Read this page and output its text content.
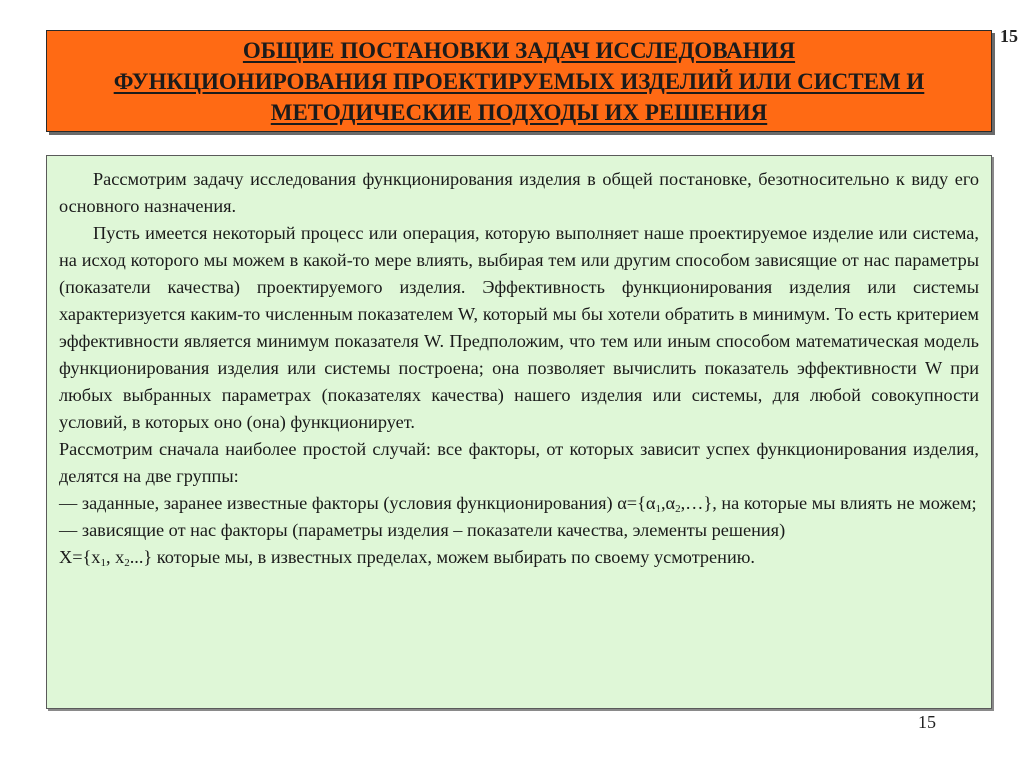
15

ОБЩИЕ ПОСТАНОВКИ ЗАДАЧ ИССЛЕДОВАНИЯ
ФУНКЦИОНИРОВАНИЯ ПРОЕКТИРУЕМЫХ ИЗДЕЛИЙ ИЛИ СИСТЕМ И
МЕТОДИЧЕСКИЕ ПОДХОДЫ ИХ РЕШЕНИЯ

Рассмотрим задачу исследования функционирования изделия в общей постановке, безотносительно к виду его основного назначения.

Пусть имеется некоторый процесс или операция, которую выполняет наше проектируемое изделие или система, на исход которого мы можем в какой-то мере влиять, выбирая тем или другим способом зависящие от нас параметры (показатели качества) проектируемого изделия. Эффективность функционирования изделия или системы характеризуется каким-то численным показателем W, который мы бы хотели обратить в минимум. То есть критерием эффективности является минимум показателя W. Предположим, что тем или иным способом математическая модель функционирования изделия или системы построена; она позволяет вычислить показатель эффективности W при любых выбранных параметрах (показателях качества) нашего изделия или системы, для любой совокупности условий, в которых оно (она) функционирует.

Рассмотрим сначала наиболее простой случай: все факторы, от которых зависит успех функционирования изделия, делятся на две группы:

— заданные, заранее известные факторы (условия функционирования) $\alpha=\{\alpha_1,\alpha_2,\dots\}$, на которые мы влиять не можем;

— зависящие от нас факторы (параметры изделия – показатели качества, элементы решения)

$X=\{x_1$, $x_2$...} которые мы, в известных пределах, можем выбирать по своему усмотрению.

15
